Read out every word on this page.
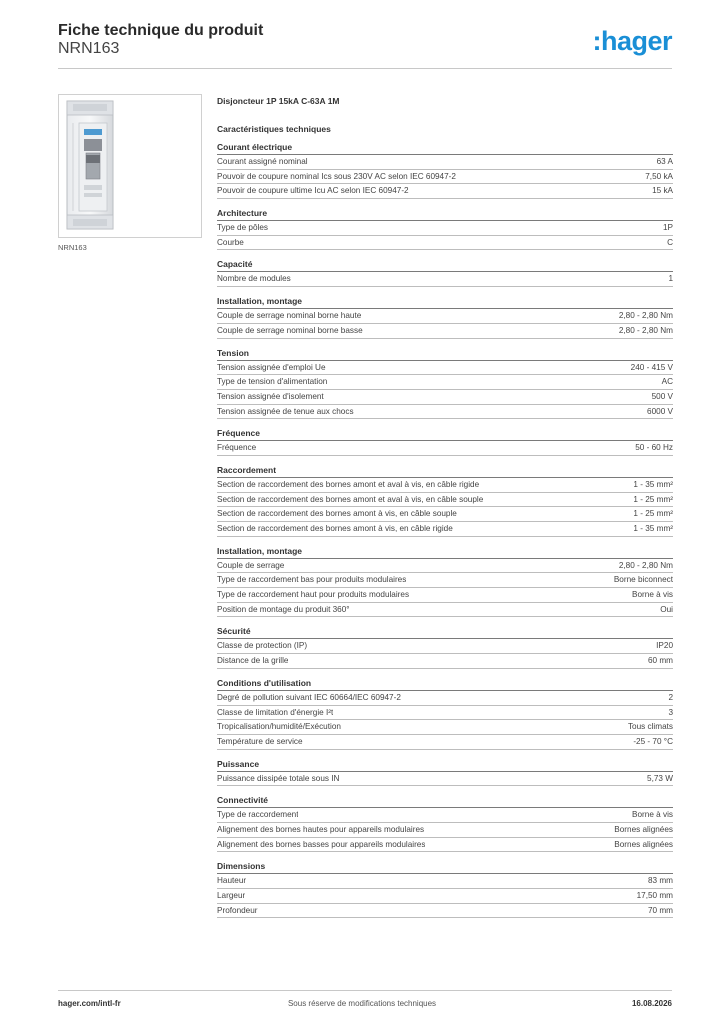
Fiche technique du produit
NRN163	:hager
NRN163
Disjoncteur 1P 15kA C-63A 1M
Caractéristiques techniques
Courant électrique
Courant assigné nominal	63 A
Pouvoir de coupure nominal Ics sous 230V AC selon IEC 60947-2	7,50 kA
Pouvoir de coupure ultime Icu AC selon IEC 60947-2	15 kA
Architecture
Type de pôles	1P
Courbe	C
Capacité
Nombre de modules	1
Installation, montage
Couple de serrage nominal borne haute	2,80 - 2,80 Nm
Couple de serrage nominal borne basse	2,80 - 2,80 Nm
Tension
Tension assignée d'emploi Ue	240 - 415 V
Type de tension d'alimentation	AC
Tension assignée d'isolement	500 V
Tension assignée de tenue aux chocs	6000 V
Fréquence
Fréquence	50 - 60 Hz
Raccordement
Section de raccordement des bornes amont et aval à vis, en câble rigide	1 - 35 mm²
Section de raccordement des bornes amont et aval à vis, en câble souple	1 - 25 mm²
Section de raccordement des bornes amont à vis, en câble souple	1 - 25 mm²
Section de raccordement des bornes amont à vis, en câble rigide	1 - 35 mm²
Installation, montage
Couple de serrage	2,80 - 2,80 Nm
Type de raccordement bas pour produits modulaires	Borne biconnect
Type de raccordement haut pour produits modulaires	Borne à vis
Position de montage du produit 360°	Oui
Sécurité
Classe de protection (IP)	IP20
Distance de la grille	60 mm
Conditions d'utilisation
Degré de pollution suivant IEC 60664/IEC 60947-2	2
Classe de limitation d'énergie I²t	3
Tropicalisation/humidité/Exécution	Tous climats
Température de service	-25 - 70 °C
Puissance
Puissance dissipée totale sous IN	5,73 W
Connectivité
Type de raccordement	Borne à vis
Alignement des bornes hautes pour appareils modulaires	Bornes alignées
Alignement des bornes basses pour appareils modulaires	Bornes alignées
Dimensions
Hauteur	83 mm
Largeur	17,50 mm
Profondeur	70 mm
hager.com/intl-fr	Sous réserve de modifications techniques	16.08.2026
